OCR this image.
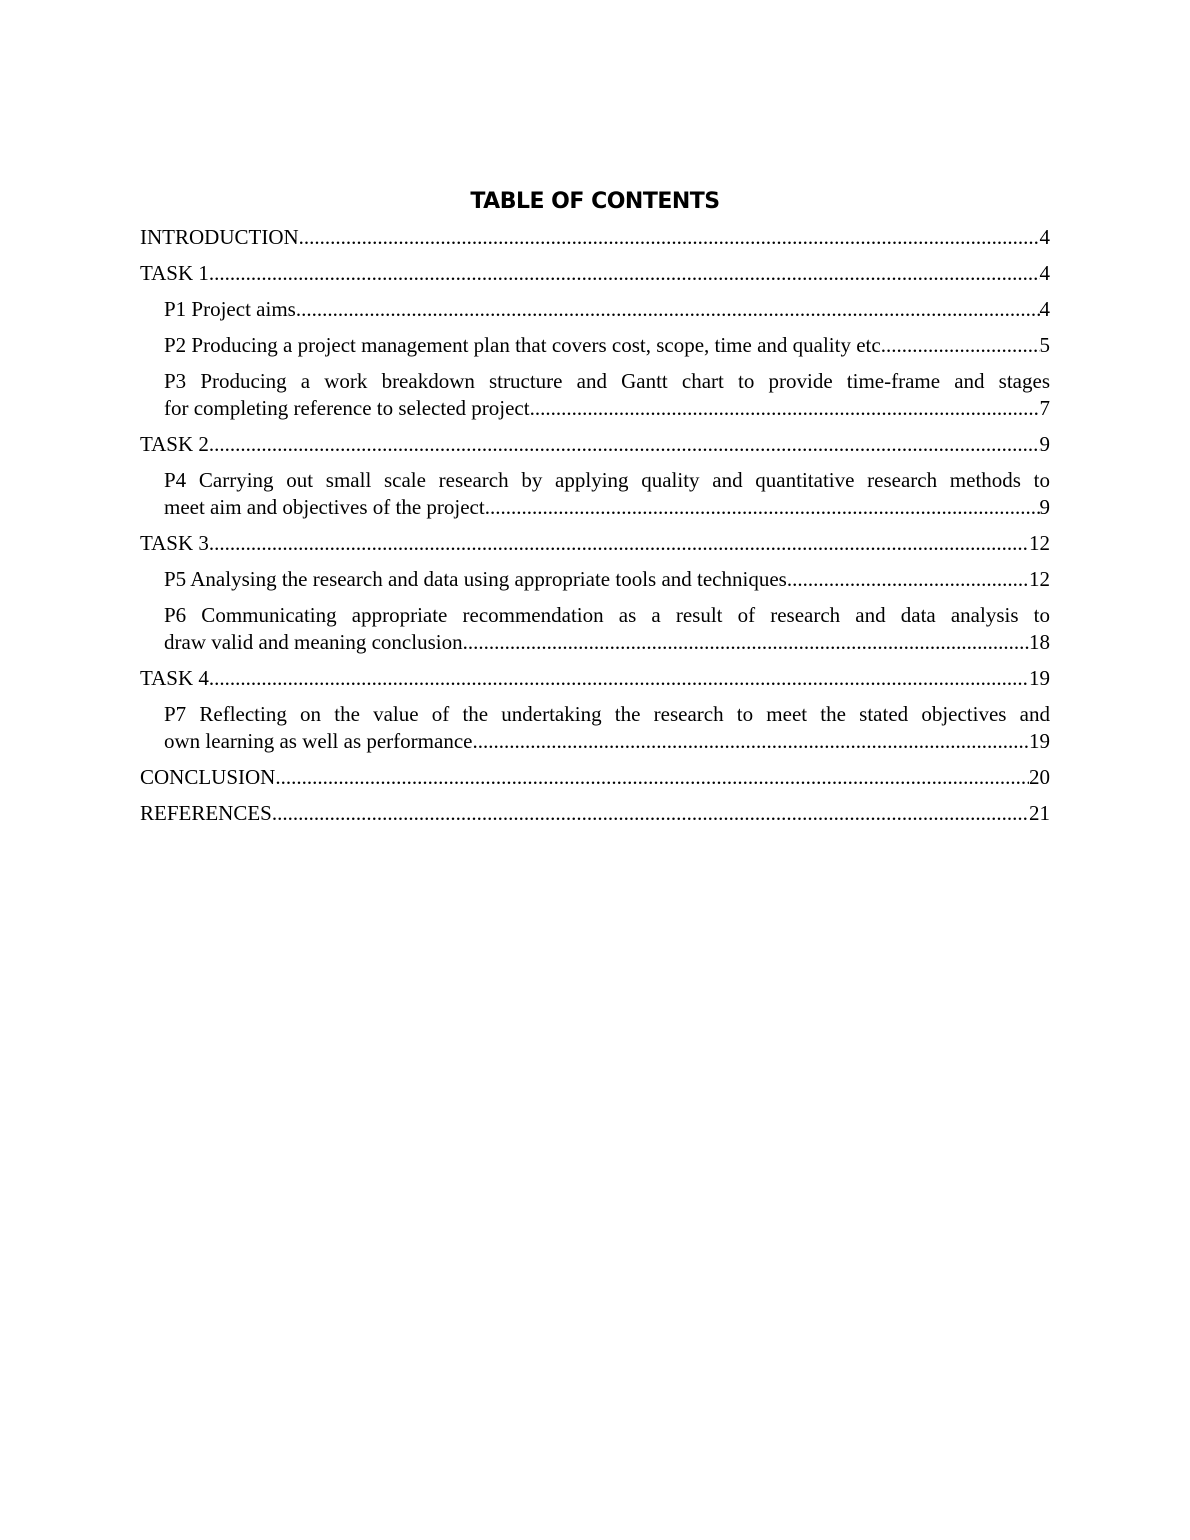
TABLE OF CONTENTS
INTRODUCTION .....	4
TASK 1 .....	4
P1 Project aims .....	4
P2 Producing a project management plan that covers cost, scope, time and quality etc .....	5
P3 Producing a work breakdown structure and Gantt chart to provide time-frame and stages
for completing reference to selected project .....	7
TASK 2 .....	9
P4 Carrying out small scale research by applying quality and quantitative research methods to
meet aim and objectives of the project .....	9
TASK 3 .....	12
P5 Analysing the research and data using appropriate tools and techniques .....	12
P6 Communicating appropriate recommendation as a result of research and data analysis to
draw valid and meaning conclusion .....	18
TASK 4 .....	19
P7 Reflecting on the value of the undertaking the research to meet the stated objectives and
own learning as well as performance .....	19
CONCLUSION .....	20
REFERENCES .....	21
